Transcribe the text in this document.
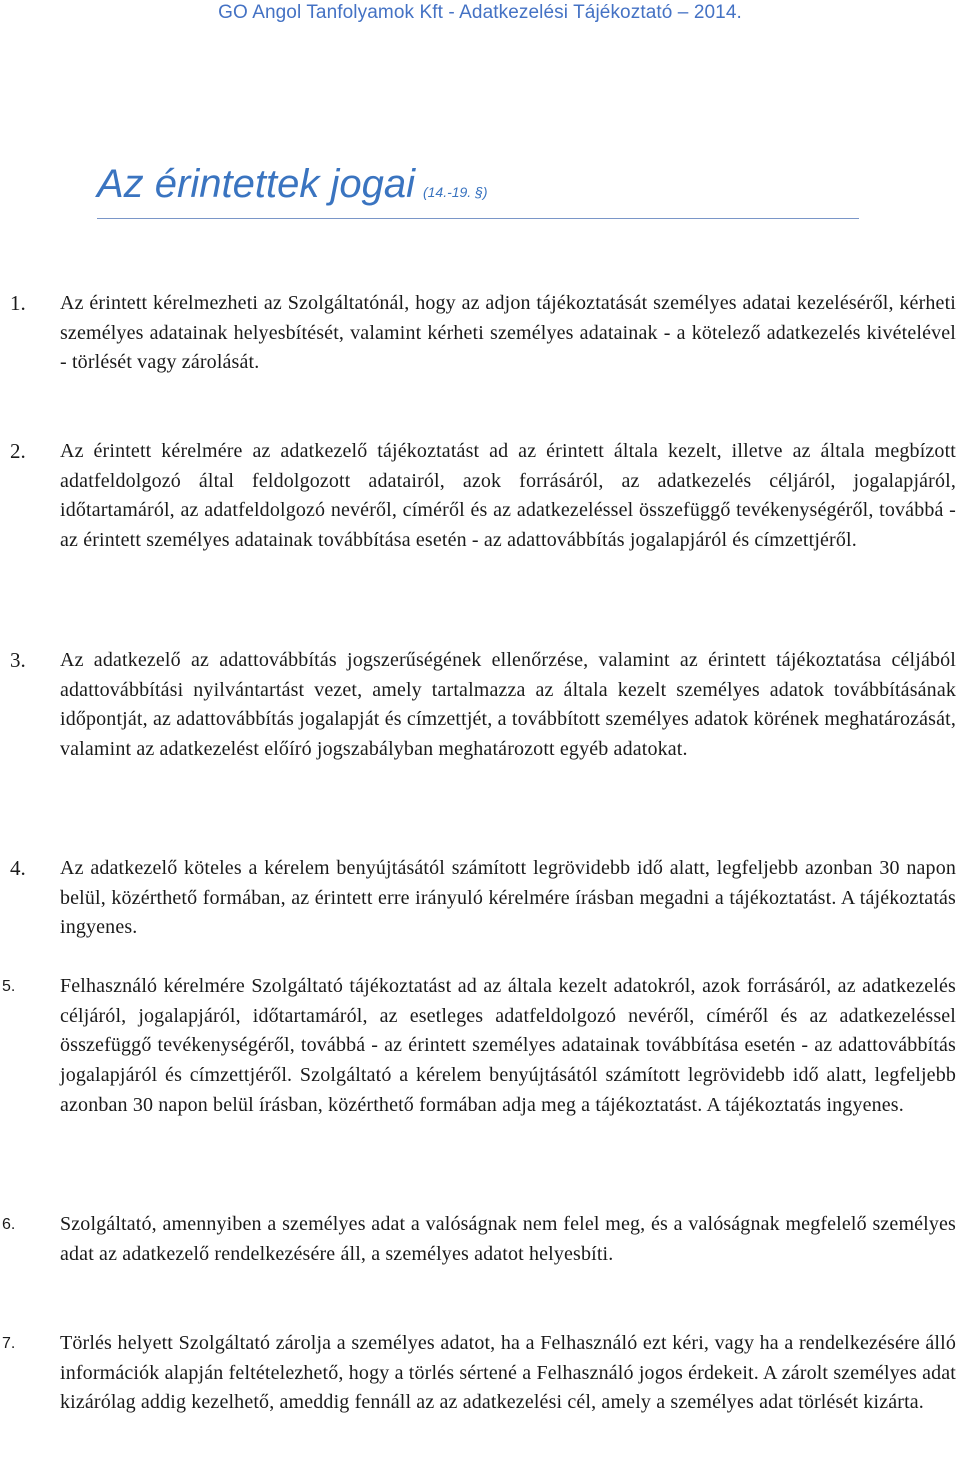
GO Angol Tanfolyamok Kft - Adatkezelési Tájékoztató – 2014.
Az érintettek jogai (14.-19. §)
1.	Az érintett kérelmezheti az Szolgáltatónál, hogy az adjon tájékoztatását személyes adatai kezeléséről, kérheti személyes adatainak helyesbítését, valamint kérheti személyes adatainak - a kötelező adatkezelés kivételével - törlését vagy zárolását.
2.	Az érintett kérelmére az adatkezelő tájékoztatást ad az érintett általa kezelt, illetve az általa megbízott adatfeldolgozó által feldolgozott adatairól, azok forrásáról, az adatkezelés céljáról, jogalapjáról, időtartamáról, az adatfeldolgozó nevéről, címéről és az adatkezeléssel összefüggő tevékenységéről, továbbá - az érintett személyes adatainak továbbítása esetén - az adattovábbítás jogalapjáról és címzettjéről.
3.	Az adatkezelő az adattovábbítás jogszerűségének ellenőrzése, valamint az érintett tájékoztatása céljából adattovábbítási nyilvántartást vezet, amely tartalmazza az általa kezelt személyes adatok továbbításának időpontját, az adattovábbítás jogalapját és címzettjét, a továbbított személyes adatok körének meghatározását, valamint az adatkezelést előíró jogszabályban meghatározott egyéb adatokat.
4.	Az adatkezelő köteles a kérelem benyújtásától számított legrövidebb idő alatt, legfeljebb azonban 30 napon belül, közérthető formában, az érintett erre irányuló kérelmére írásban megadni a tájékoztatást. A tájékoztatás ingyenes.
5.	Felhasználó kérelmére Szolgáltató tájékoztatást ad az általa kezelt adatokról, azok forrásáról, az adatkezelés céljáról, jogalapjáról, időtartamáról, az esetleges adatfeldolgozó nevéről, címéről és az adatkezeléssel összefüggő tevékenységéről, továbbá - az érintett személyes adatainak továbbítása esetén - az adattovábbítás jogalapjáról és címzettjéről. Szolgáltató a kérelem benyújtásától számított legrövidebb idő alatt, legfeljebb azonban 30 napon belül írásban, közérthető formában adja meg a tájékoztatást. A tájékoztatás ingyenes.
6.	Szolgáltató, amennyiben a személyes adat a valóságnak nem felel meg, és a valóságnak megfelelő személyes adat az adatkezelő rendelkezésére áll, a személyes adatot helyesbíti.
7.	Törlés helyett Szolgáltató zárolja a személyes adatot, ha a Felhasználó ezt kéri, vagy ha a rendelkezésére álló információk alapján feltételezhető, hogy a törlés sértené a Felhasználó jogos érdekeit. A zárolt személyes adat kizárólag addig kezelhető, ameddig fennáll az az adatkezelési cél, amely a személyes adat törlését kizárta.
